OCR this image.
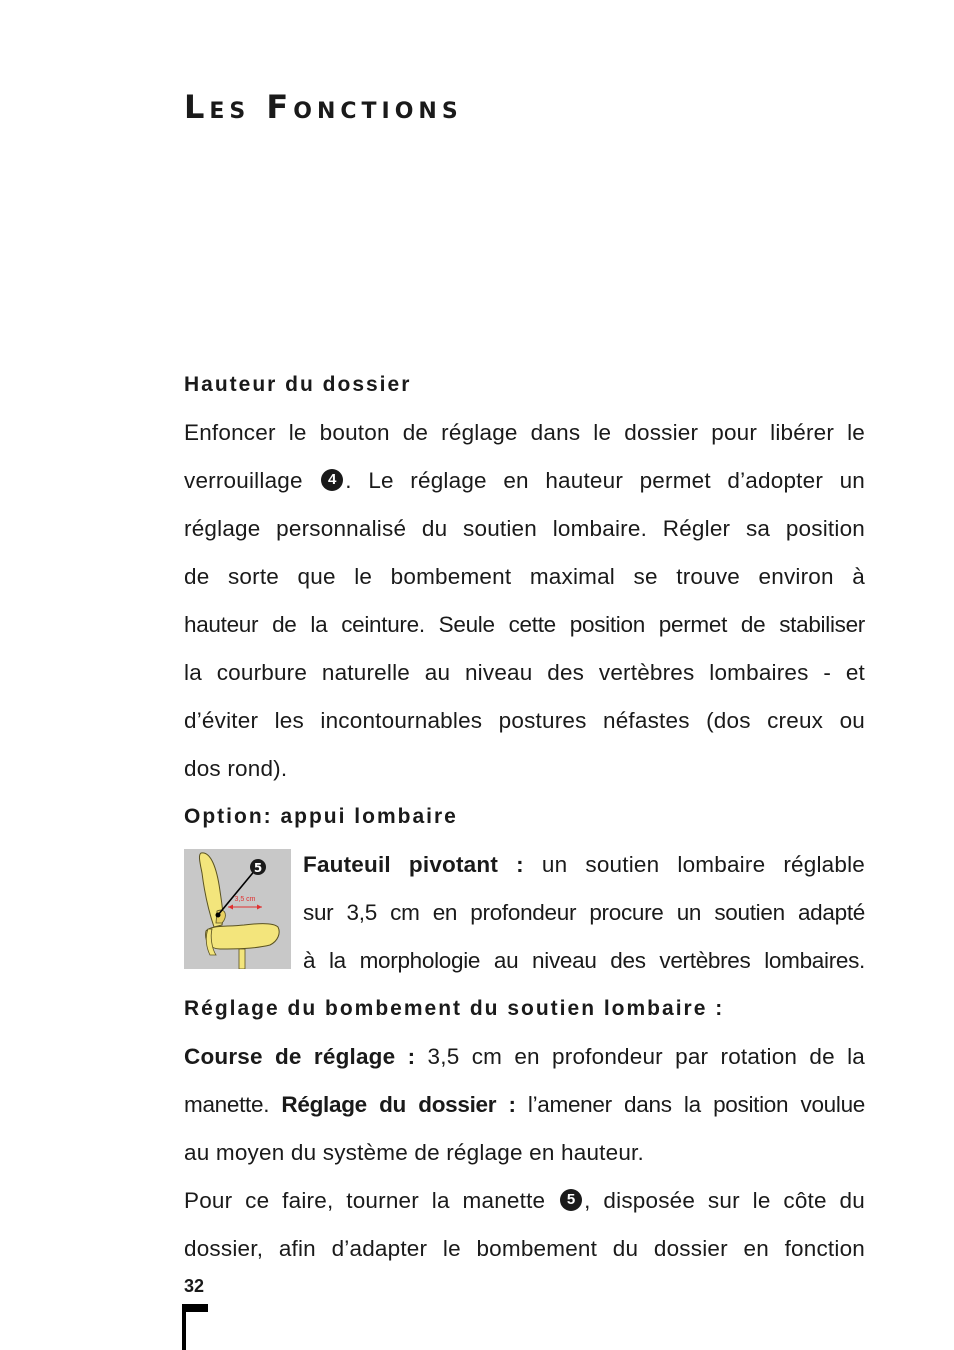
Les Fonctions
Hauteur du dossier
Enfoncer le bouton de réglage dans le dossier pour libérer le
verrouillage 4 . Le réglage en hauteur permet d’adopter un
réglage personnalisé du soutien lombaire. Régler sa position
de sorte que le bombement maximal se trouve environ à
hauteur de la ceinture. Seule cette position permet de stabiliser
la courbure naturelle au niveau des vertèbres lombaires - et
d’éviter les incontournables postures néfastes (dos creux ou
dos rond).
Option: appui lombaire
5
3,5 cm
Fauteuil pivotant : un soutien lombaire réglable
sur 3,5 cm en profondeur procure un soutien adapté
à la morphologie au niveau des vertèbres lombaires.
Réglage du bombement du soutien lombaire :
Course de réglage : 3,5 cm en profondeur par rotation de la
manette. Réglage du dossier : l’amener dans la position voulue
au moyen du système de réglage en hauteur.
Pour ce faire, tourner la manette 5 , disposée sur le côte du
dossier, afin d’adapter le bombement du dossier en fonction
32
